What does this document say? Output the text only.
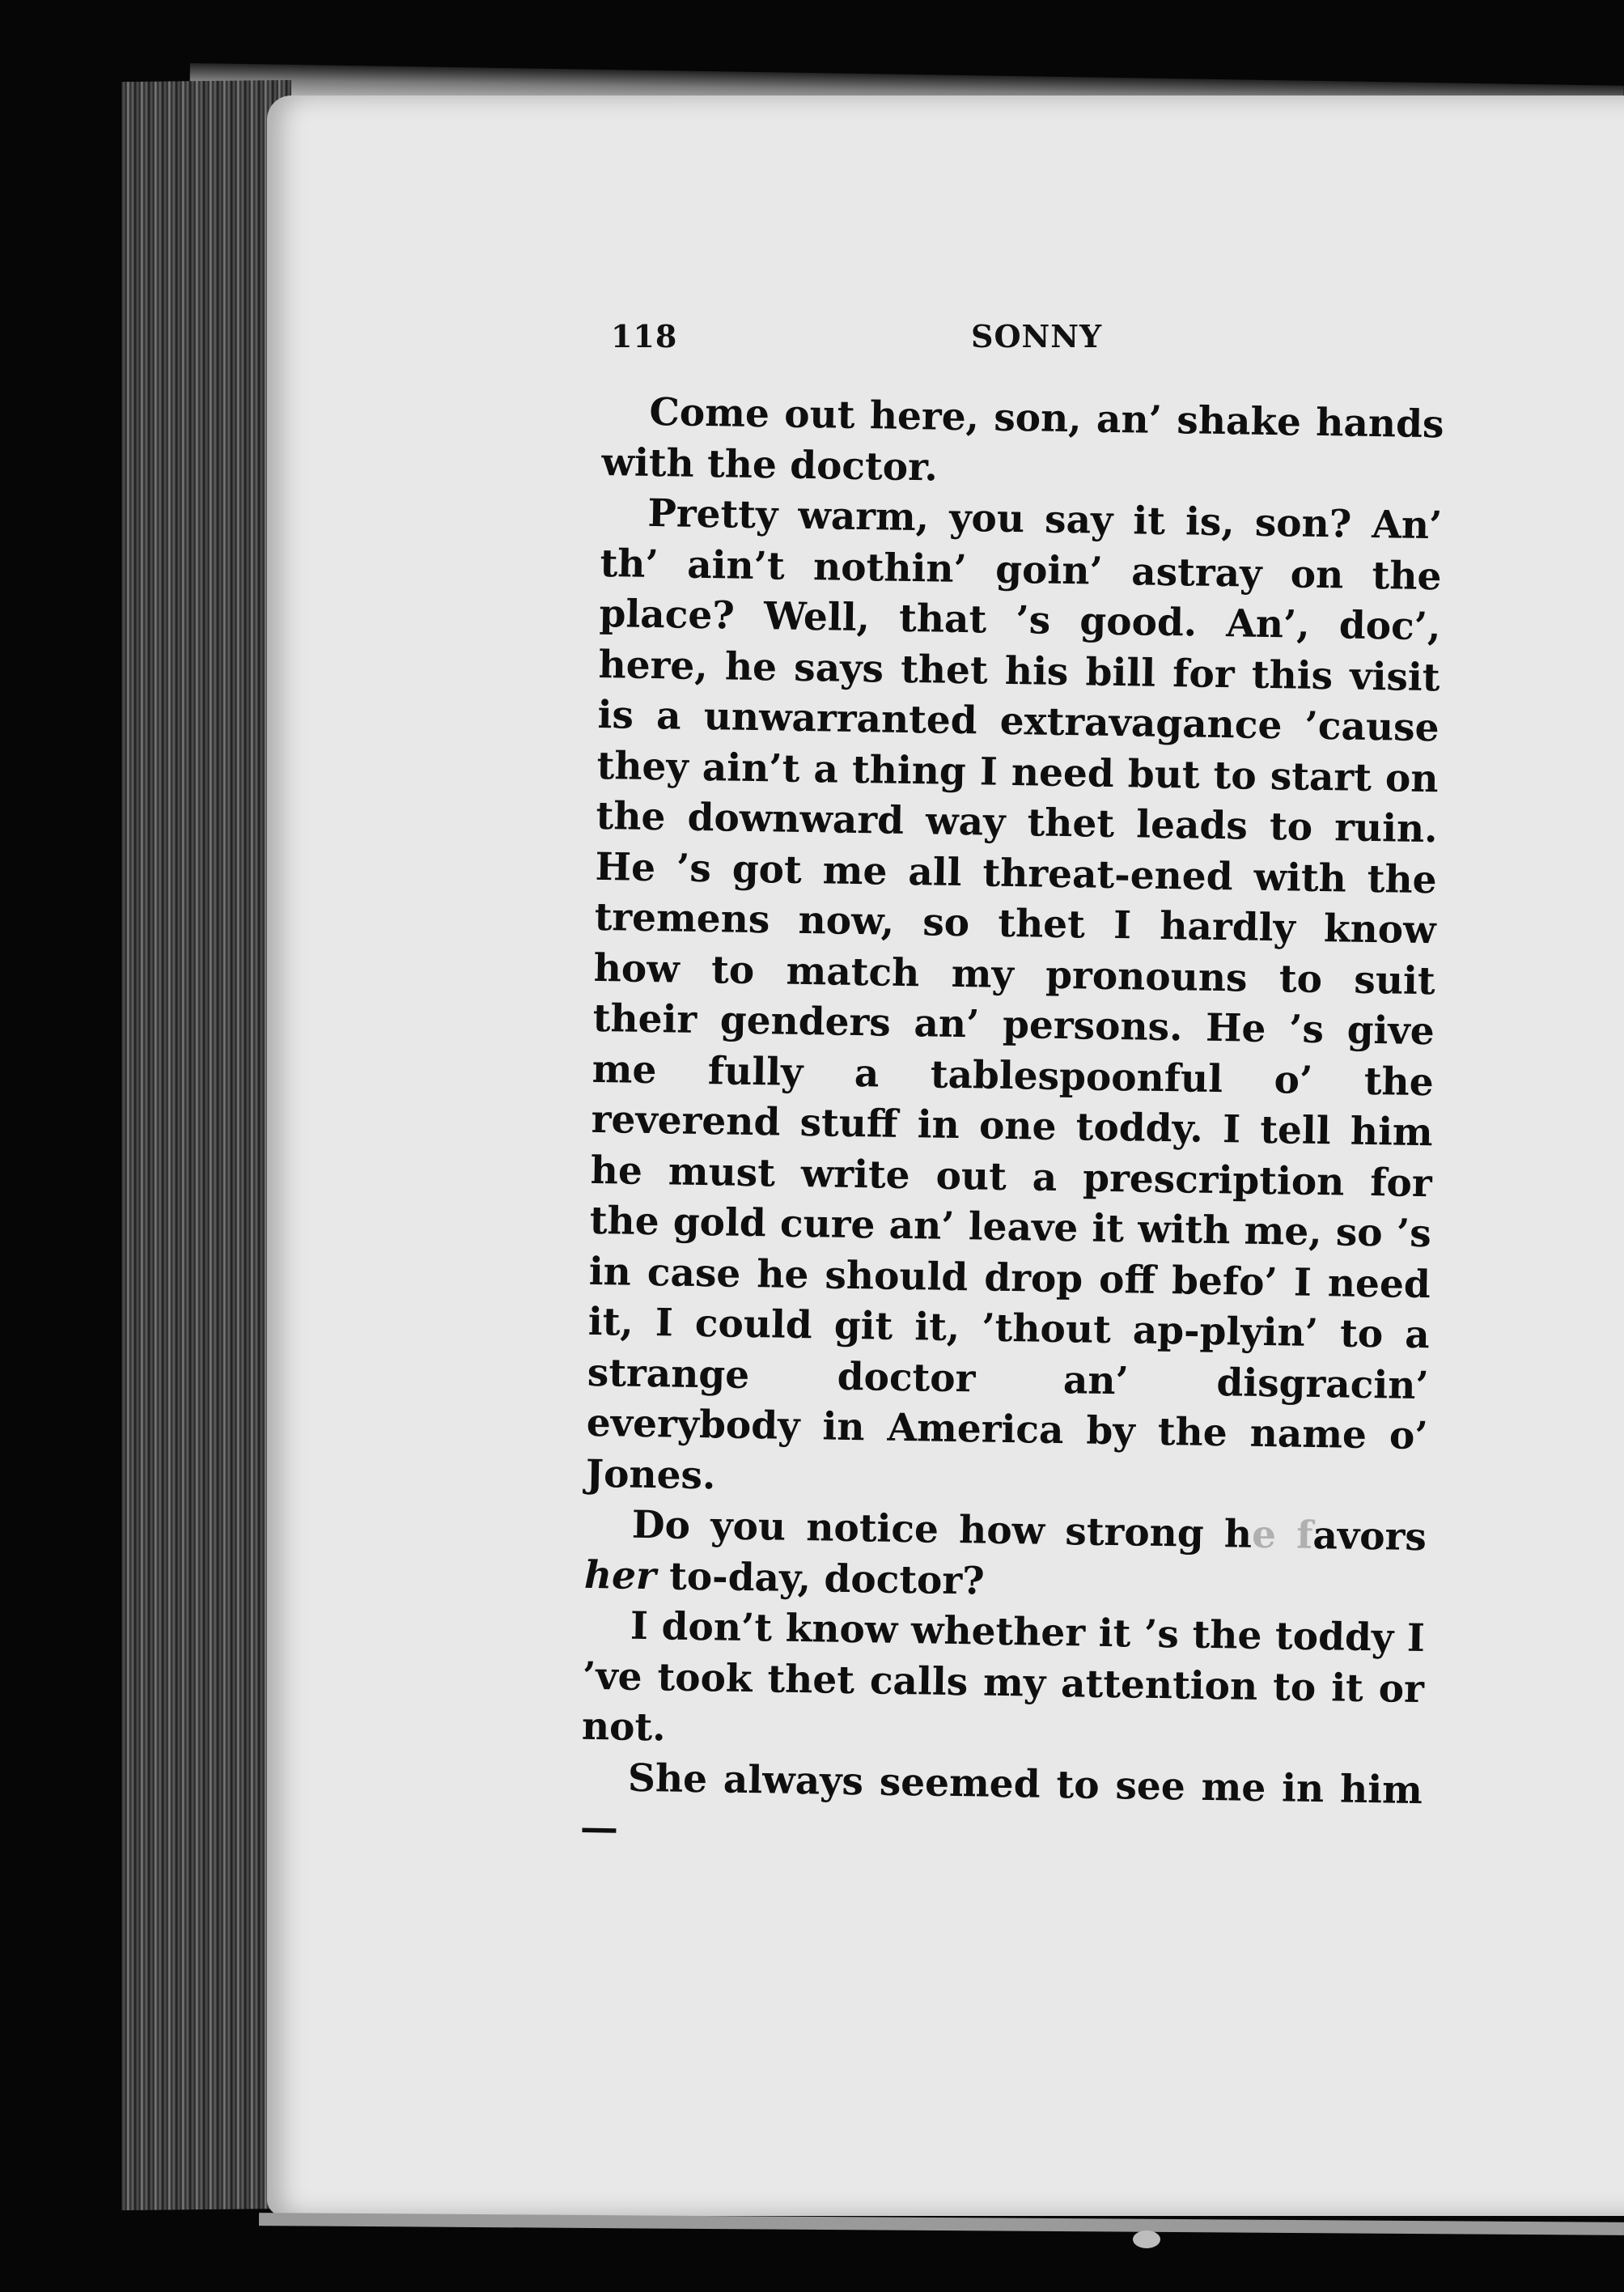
118	SONNY

Come out here, son, an’ shake hands with the doctor.

Pretty warm, you say it is, son? An’ th’ ain’t nothin’ goin’ astray on the place? Well, that ’s good. An’, doc’, here, he says thet his bill for this visit is a unwarranted extravagance ’cause they ain’t a thing I need but to start on the downward way thet leads to ruin. He ’s got me all threat-ened with the tremens now, so thet I hardly know how to match my pronouns to suit their genders an’ persons. He ’s give me fully a tablespoonful o’ the reverend stuff in one toddy. I tell him he must write out a prescription for the gold cure an’ leave it with me, so ’s in case he should drop off befo’ I need it, I could git it, ’thout ap-plyin’ to a strange doctor an’ disgracin’ everybody in America by the name o’ Jones.

Do you notice how strong he favors her to-day, doctor?

I don’t know whether it ’s the toddy I ’ve took thet calls my attention to it or not.

She always seemed to see me in him —
